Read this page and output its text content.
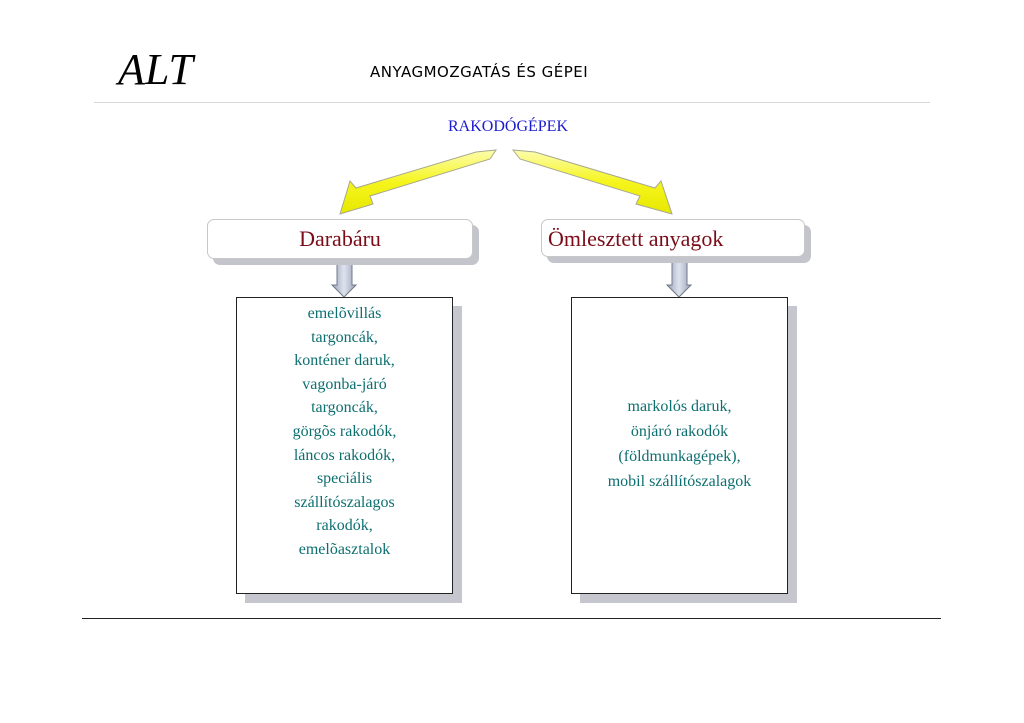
ALT	ANYAGMOZGATÁS ÉS GÉPEI
RAKODÓGÉPEK
Darabáru	Ömlesztett anyagok
emelõvillás
targoncák,
konténer daruk,
vagonba-járó
targoncák,
görgõs rakodók,
láncos rakodók,
speciális
szállítószalagos
rakodók,
emelõasztalok
markolós daruk,
önjáró rakodók
(földmunkagépek),
mobil szállítószalagok
